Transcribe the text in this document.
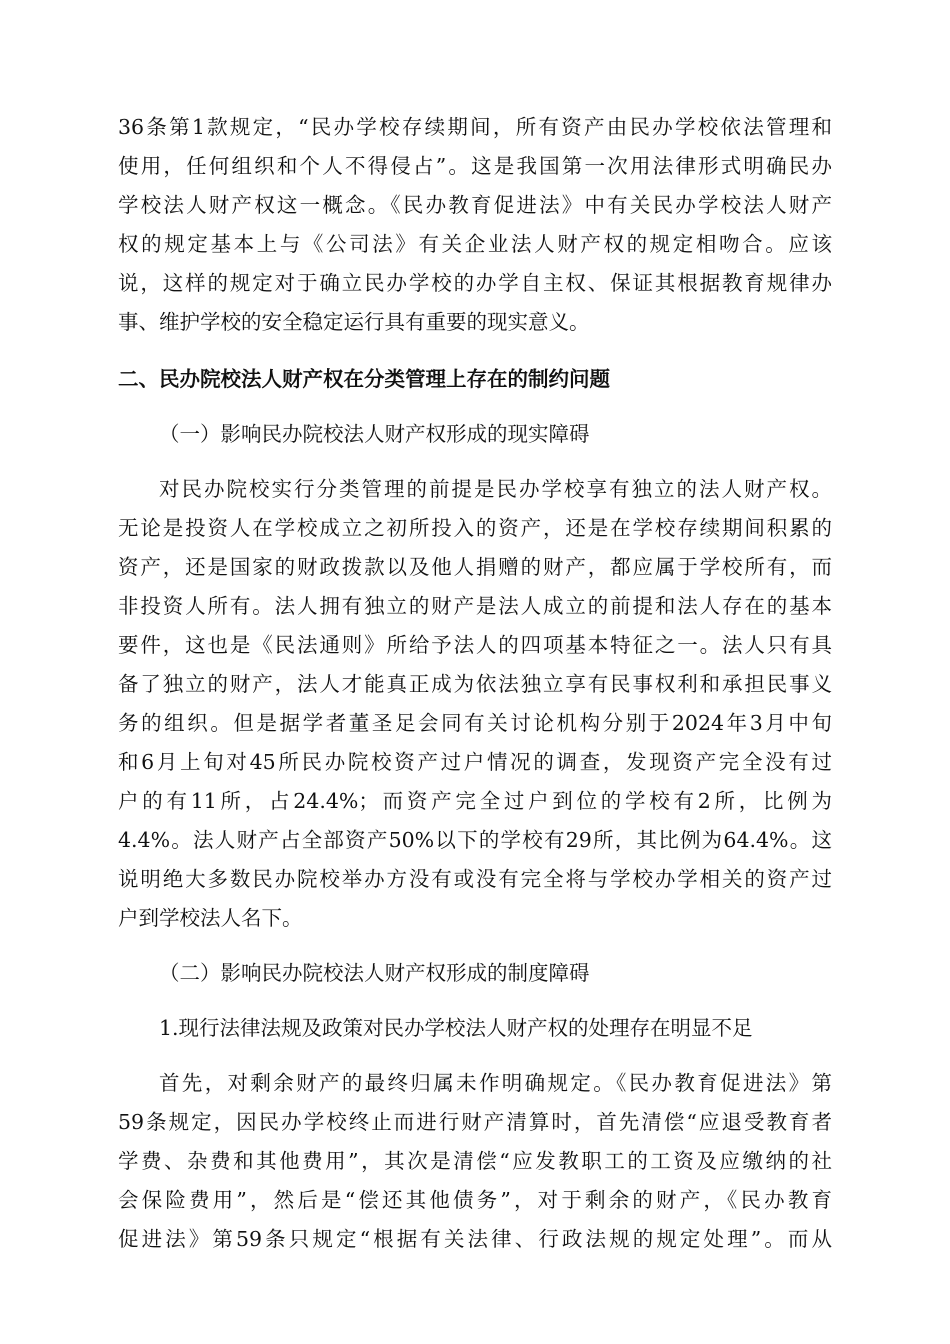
36条第1款规定，“民办学校存续期间，所有资产由民办学校依法管理和
使用，任何组织和个人不得侵占”。这是我国第一次用法律形式明确民办
学校法人财产权这一概念。《民办教育促进法》中有关民办学校法人财产
权的规定基本上与《公司法》有关企业法人财产权的规定相吻合。应该
说，这样的规定对于确立民办学校的办学自主权、保证其根据教育规律办
事、维护学校的安全稳定运行具有重要的现实意义。
二、民办院校法人财产权在分类管理上存在的制约问题

（一）影响民办院校法人财产权形成的现实障碍

对民办院校实行分类管理的前提是民办学校享有独立的法人财产权。
无论是投资人在学校成立之初所投入的资产，还是在学校存续期间积累的
资产，还是国家的财政拨款以及他人捐赠的财产，都应属于学校所有，而
非投资人所有。法人拥有独立的财产是法人成立的前提和法人存在的基本
要件，这也是《民法通则》所给予法人的四项基本特征之一。法人只有具
备了独立的财产，法人才能真正成为依法独立享有民事权利和承担民事义
务的组织。但是据学者董圣足会同有关讨论机构分别于2024年3月中旬
和6月上旬对45所民办院校资产过户情况的调查，发现资产完全没有过
户的有11所，占24.4%；而资产完全过户到位的学校有2所，比例为
4.4%。法人财产占全部资产50%以下的学校有29所，其比例为64.4%。这
说明绝大多数民办院校举办方没有或没有完全将与学校办学相关的资产过
户到学校法人名下。

（二）影响民办院校法人财产权形成的制度障碍

1.现行法律法规及政策对民办学校法人财产权的处理存在明显不足

首先，对剩余财产的最终归属未作明确规定。《民办教育促进法》第
59条规定，因民办学校终止而进行财产清算时，首先清偿“应退受教育者
学费、杂费和其他费用”，其次是清偿“应发教职工的工资及应缴纳的社
会保险费用”，然后是“偿还其他债务”，对于剩余的财产，《民办教育
促进法》第59条只规定“根据有关法律、行政法规的规定处理”。而从
